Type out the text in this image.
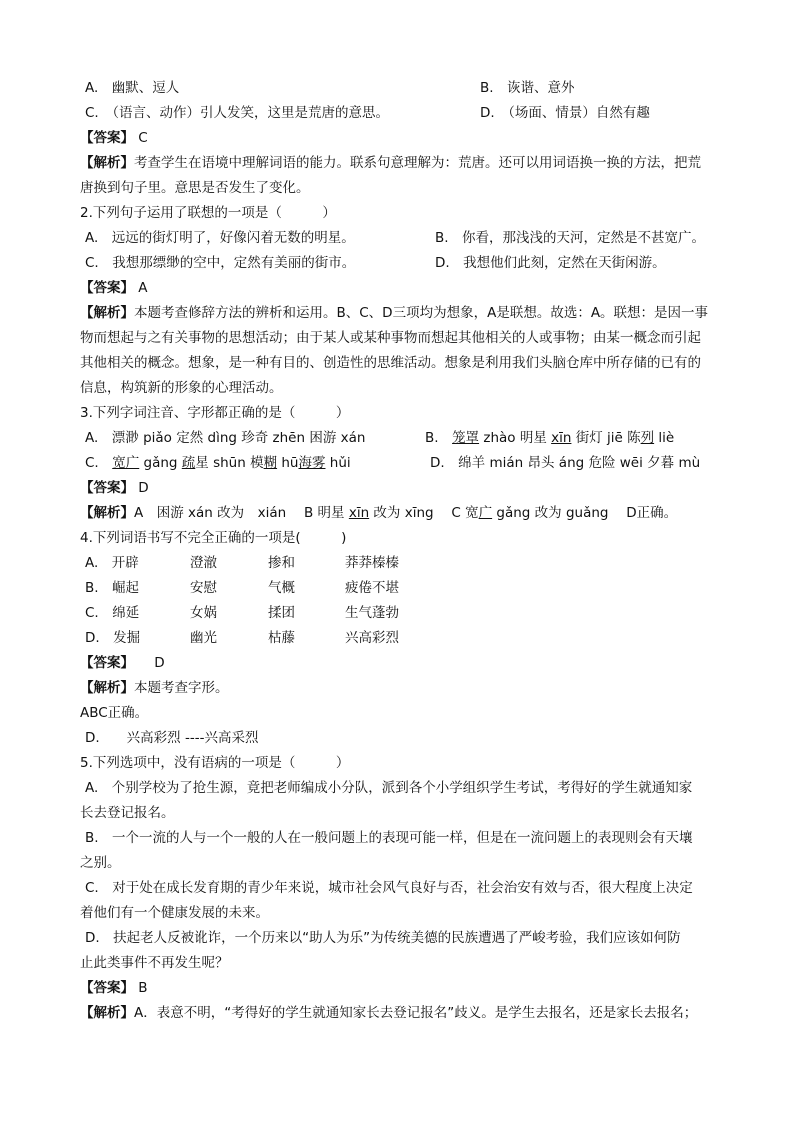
A.　幽默、逗人	B.　诙谐、意外
C.　（语言、动作）引人发笑，这里是荒唐的意思。	D.　（场面、情景）自然有趣
【答案】 C
【解析】考查学生在语境中理解词语的能力。联系句意理解为：荒唐。还可以用词语换一换的方法，把荒
唐换到句子里。意思是否发生了变化。
2.下列句子运用了联想的一项是（　　　）
A.　远远的街灯明了，好像闪着无数的明星。	B.　你看，那浅浅的天河，定然是不甚宽广。
C.　我想那缥缈的空中，定然有美丽的街市。	D.　我想他们此刻，定然在天街闲游。
【答案】 A
【解析】本题考查修辞方法的辨析和运用。B、C、D三项均为想象，A是联想。故选：A。联想：是因一事
物而想起与之有关事物的思想活动；由于某人或某种事物而想起其他相关的人或事物；由某一概念而引起
其他相关的概念。想象，是一种有目的、创造性的思维活动。想象是利用我们头脑仓库中所存储的已有的
信息，构筑新的形象的心理活动。
3.下列字词注音、字形都正确的是（　　　）
A.　漂渺 piǎo 定然 dìng 珍奇 zhēn 困游 xán	B.　笼罩 zhào 明星 xīn 街灯 jiē 陈列 liè
C.　宽广 gǎng 疏星 shūn 模糊 hū海雾 hǔi	D.　绵羊 mián 昂头 áng 危险 wēi 夕暮 mù
【答案】 D
【解析】A　困游 xán 改为　xián　 B 明星 xīn 改为 xīng　 C 宽广 gǎng 改为 guǎng　 D正确。
4.下列词语书写不完全正确的一项是(　　　)
A.　开辟	澄澈	掺和	莽莽榛榛
B.　崛起	安慰	气概	疲倦不堪
C.　绵延	女娲	揉团	生气蓬勃
D.　发掘	幽光	枯藤	兴高彩烈
【答案】　　D
【解析】本题考查字形。
ABC正确。
D.　　兴高彩烈 ----兴高采烈
5.下列选项中，没有语病的一项是（　　　）
A.　个别学校为了抢生源，竟把老师编成小分队，派到各个小学组织学生考试，考得好的学生就通知家
长去登记报名。
B.　一个一流的人与一个一般的人在一般问题上的表现可能一样，但是在一流问题上的表现则会有天壤
之别。
C.　对于处在成长发育期的青少年来说，城市社会风气良好与否，社会治安有效与否，很大程度上决定
着他们有一个健康发展的未来。
D.　扶起老人反被讹诈，一个历来以“助人为乐”为传统美德的民族遭遇了严峻考验，我们应该如何防
止此类事件不再发生呢？
【答案】 B
【解析】A．表意不明，“考得好的学生就通知家长去登记报名”歧义。是学生去报名，还是家长去报名；
